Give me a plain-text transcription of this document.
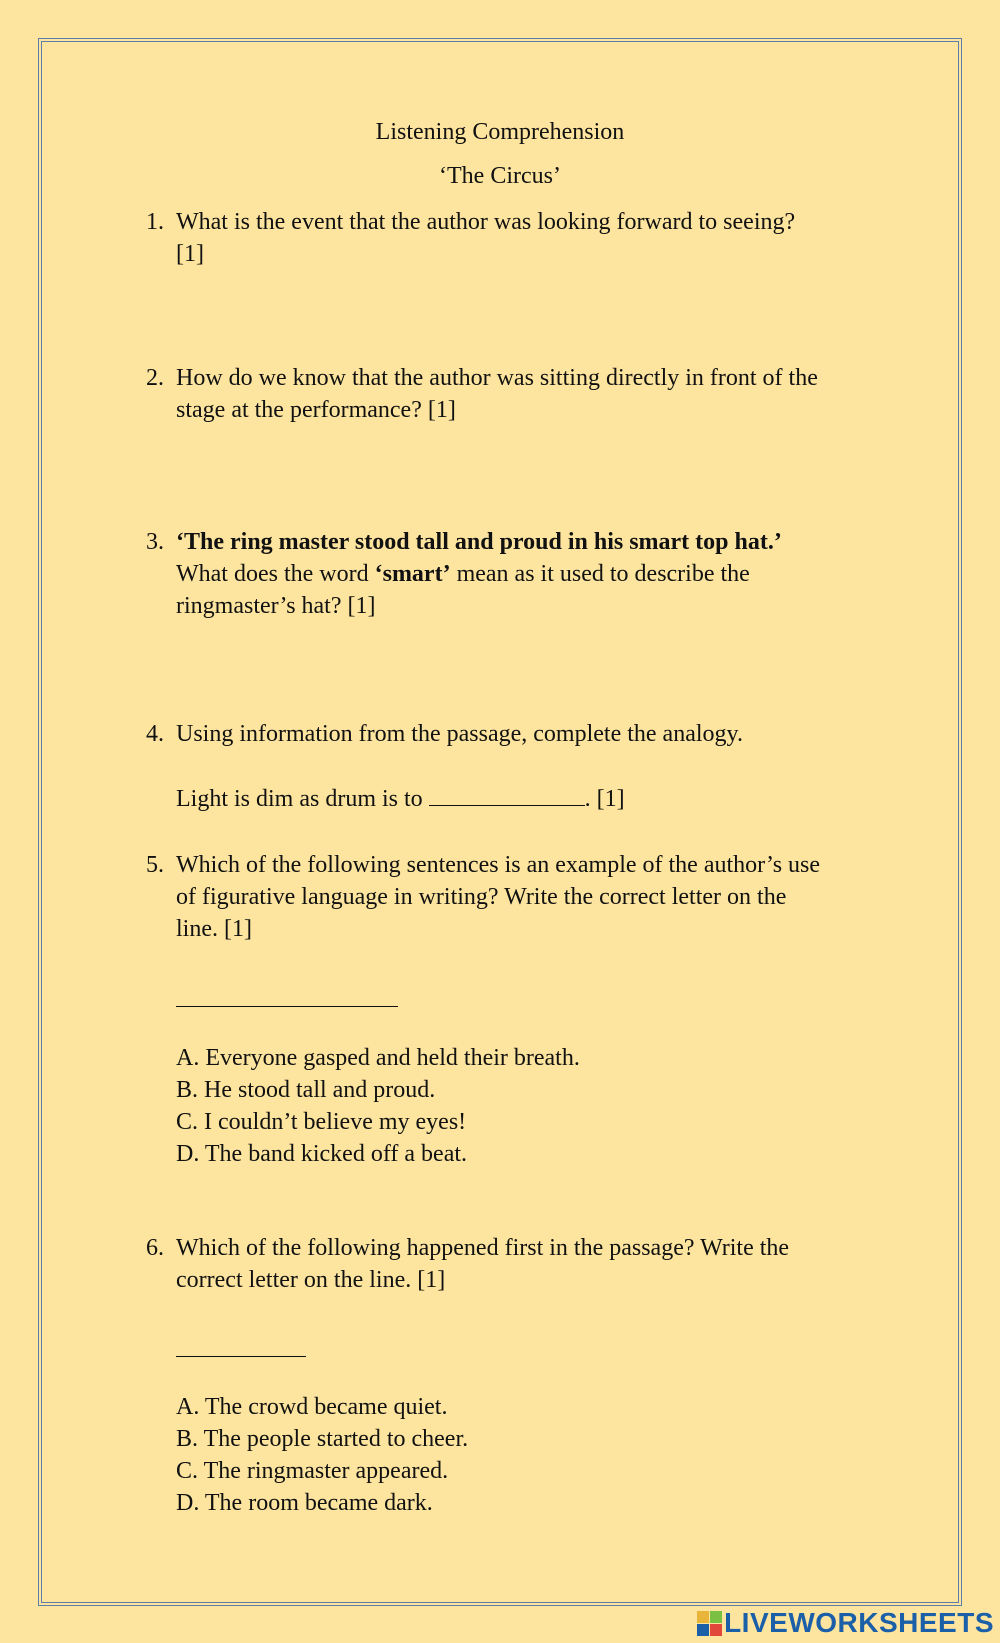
Listening Comprehension
‘The Circus’
1. What is the event that the author was looking forward to seeing?
[1]
2. How do we know that the author was sitting directly in front of the
stage at the performance? [1]
3. ‘The ring master stood tall and proud in his smart top hat.’
What does the word ‘smart’ mean as it used to describe the
ringmaster’s hat? [1]
4. Using information from the passage, complete the analogy.
Light is dim as drum is to	. [1]
5. Which of the following sentences is an example of the author’s use
of figurative language in writing? Write the correct letter on the
line. [1]
A. Everyone gasped and held their breath.
B. He stood tall and proud.
C. I couldn’t believe my eyes!
D. The band kicked off a beat.
6. Which of the following happened first in the passage? Write the
correct letter on the line. [1]
A. The crowd became quiet.
B. The people started to cheer.
C. The ringmaster appeared.
D. The room became dark.
LIVEWORKSHEETS
